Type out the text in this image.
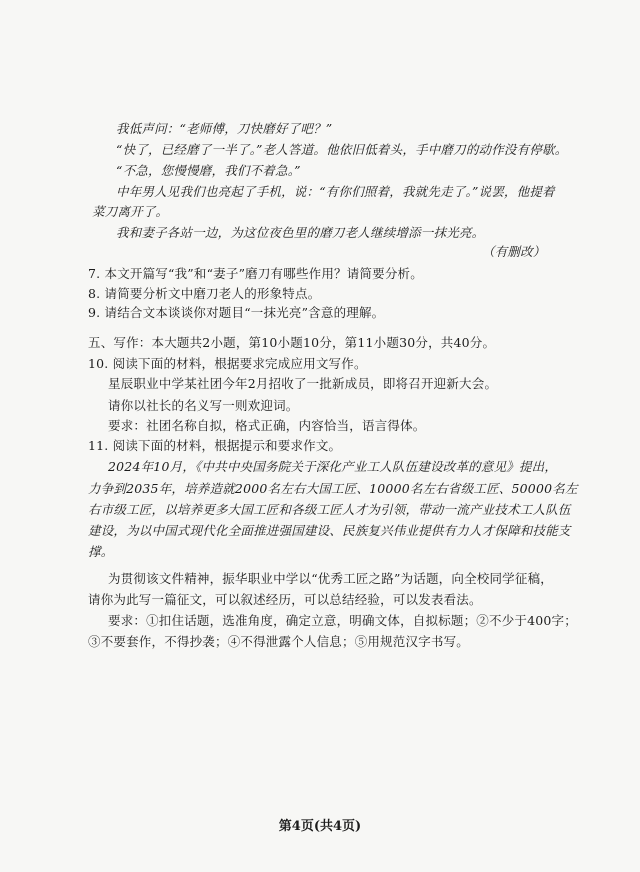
我低声问：“老师傅，刀快磨好了吧？”
“快了，已经磨了一半了。”老人答道。他依旧低着头，手中磨刀的动作没有停歇。
“不急，您慢慢磨，我们不着急。”
中年男人见我们也亮起了手机，说：“有你们照着，我就先走了。”说罢，他提着
菜刀离开了。
我和妻子各站一边，为这位夜色里的磨刀老人继续增添一抹光亮。
（有删改）
7. 本文开篇写“我”和“妻子”磨刀有哪些作用？请简要分析。
8. 请简要分析文中磨刀老人的形象特点。
9. 请结合文本谈谈你对题目“一抹光亮”含意的理解。
五、写作：本大题共2小题，第10小题10分，第11小题30分，共40分。
10. 阅读下面的材料，根据要求完成应用文写作。
星辰职业中学某社团今年2月招收了一批新成员，即将召开迎新大会。
请你以社长的名义写一则欢迎词。
要求：社团名称自拟，格式正确，内容恰当，语言得体。
11. 阅读下面的材料，根据提示和要求作文。
2024年10月，《中共中央国务院关于深化产业工人队伍建设改革的意见》提出，
力争到2035年，培养造就2000名左右大国工匠、10000名左右省级工匠、50000名左
右市级工匠，以培养更多大国工匠和各级工匠人才为引领，带动一流产业技术工人队伍
建设，为以中国式现代化全面推进强国建设、民族复兴伟业提供有力人才保障和技能支
撑。
为贯彻该文件精神，振华职业中学以“优秀工匠之路”为话题，向全校同学征稿，
请你为此写一篇征文，可以叙述经历，可以总结经验，可以发表看法。
要求：①扣住话题，选准角度，确定立意，明确文体，自拟标题；②不少于400字；
③不要套作，不得抄袭；④不得泄露个人信息；⑤用规范汉字书写。
第4页(共4页)
